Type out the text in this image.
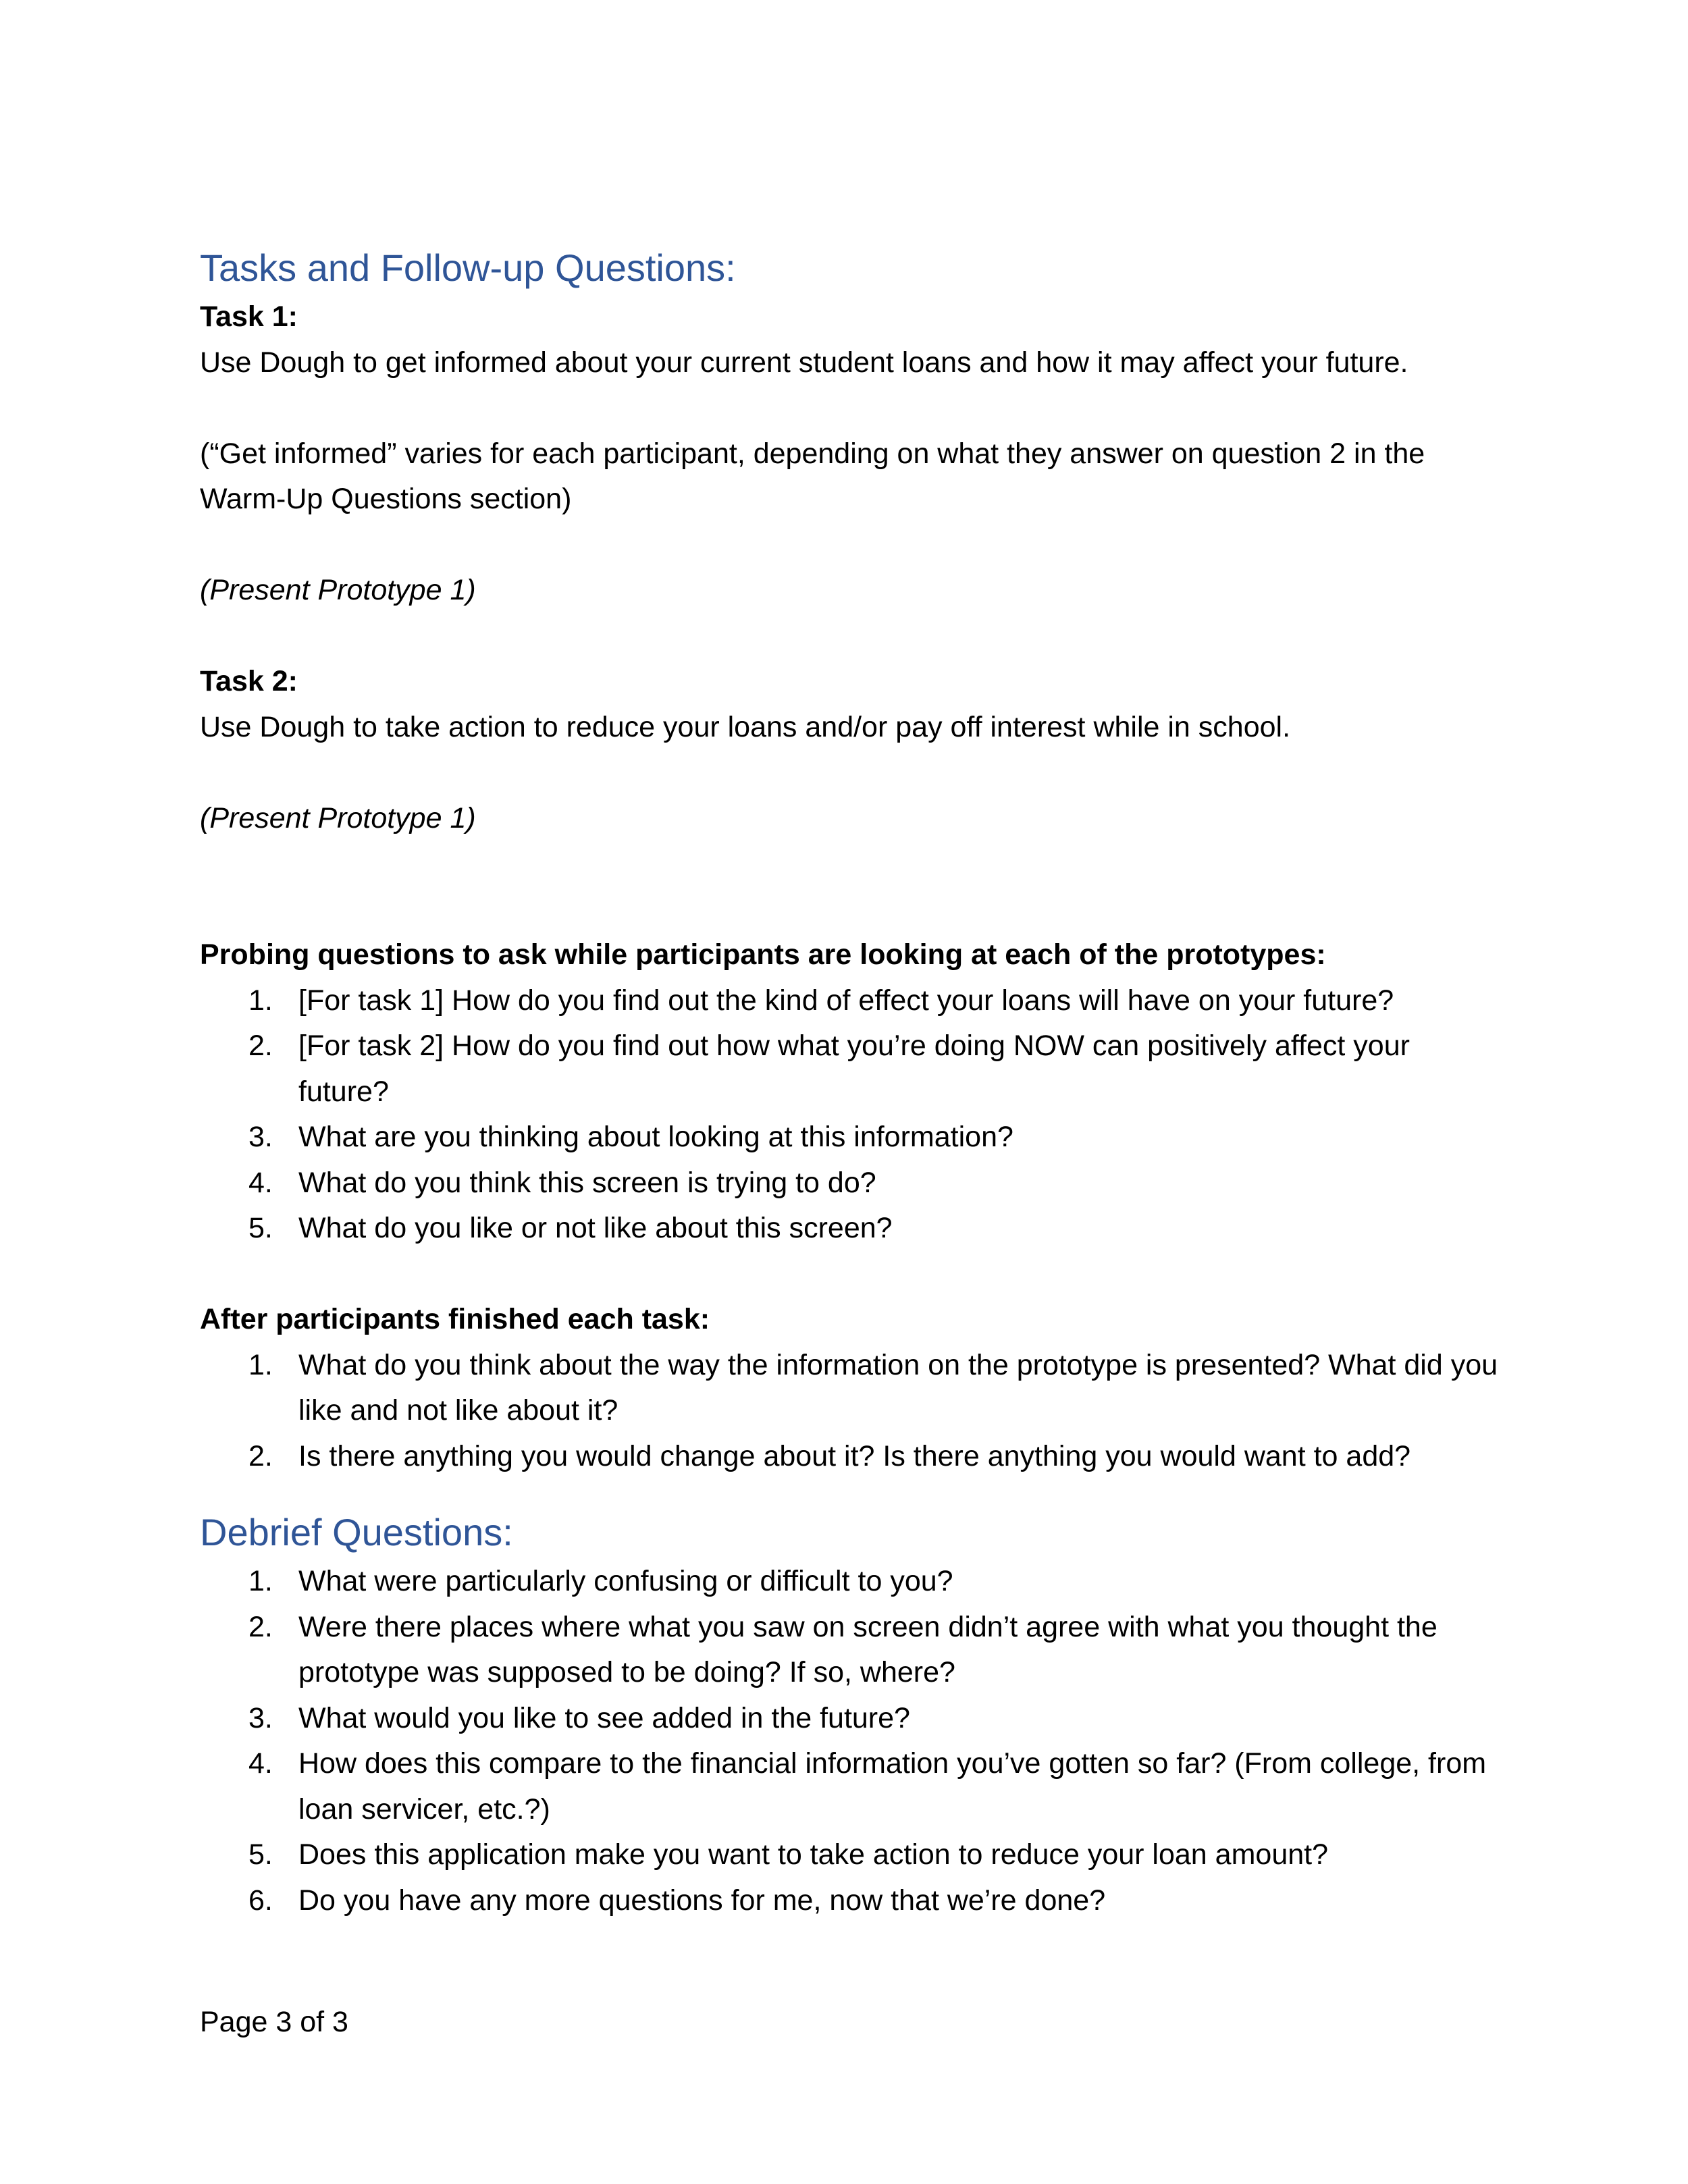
Tasks and Follow-up Questions:

Task 1:

Use Dough to get informed about your current student loans and how it may affect your future.

(“Get informed” varies for each participant, depending on what they answer on question 2 in the Warm-Up Questions section)

(Present Prototype 1)

Task 2:

Use Dough to take action to reduce your loans and/or pay off interest while in school.

(Present Prototype 1)

Probing questions to ask while participants are looking at each of the prototypes:

1. [For task 1] How do you find out the kind of effect your loans will have on your future?
2. [For task 2] How do you find out how what you’re doing NOW can positively affect your future?
3. What are you thinking about looking at this information?
4. What do you think this screen is trying to do?
5. What do you like or not like about this screen?

After participants finished each task:

1. What do you think about the way the information on the prototype is presented? What did you like and not like about it?
2. Is there anything you would change about it? Is there anything you would want to add?
Debrief Questions:
1. What were particularly confusing or difficult to you?
2. Were there places where what you saw on screen didn’t agree with what you thought the prototype was supposed to be doing? If so, where?
3. What would you like to see added in the future?
4. How does this compare to the financial information you’ve gotten so far? (From college, from loan servicer, etc.?)
5. Does this application make you want to take action to reduce your loan amount?
6. Do you have any more questions for me, now that we’re done?
Page 3 of 3
